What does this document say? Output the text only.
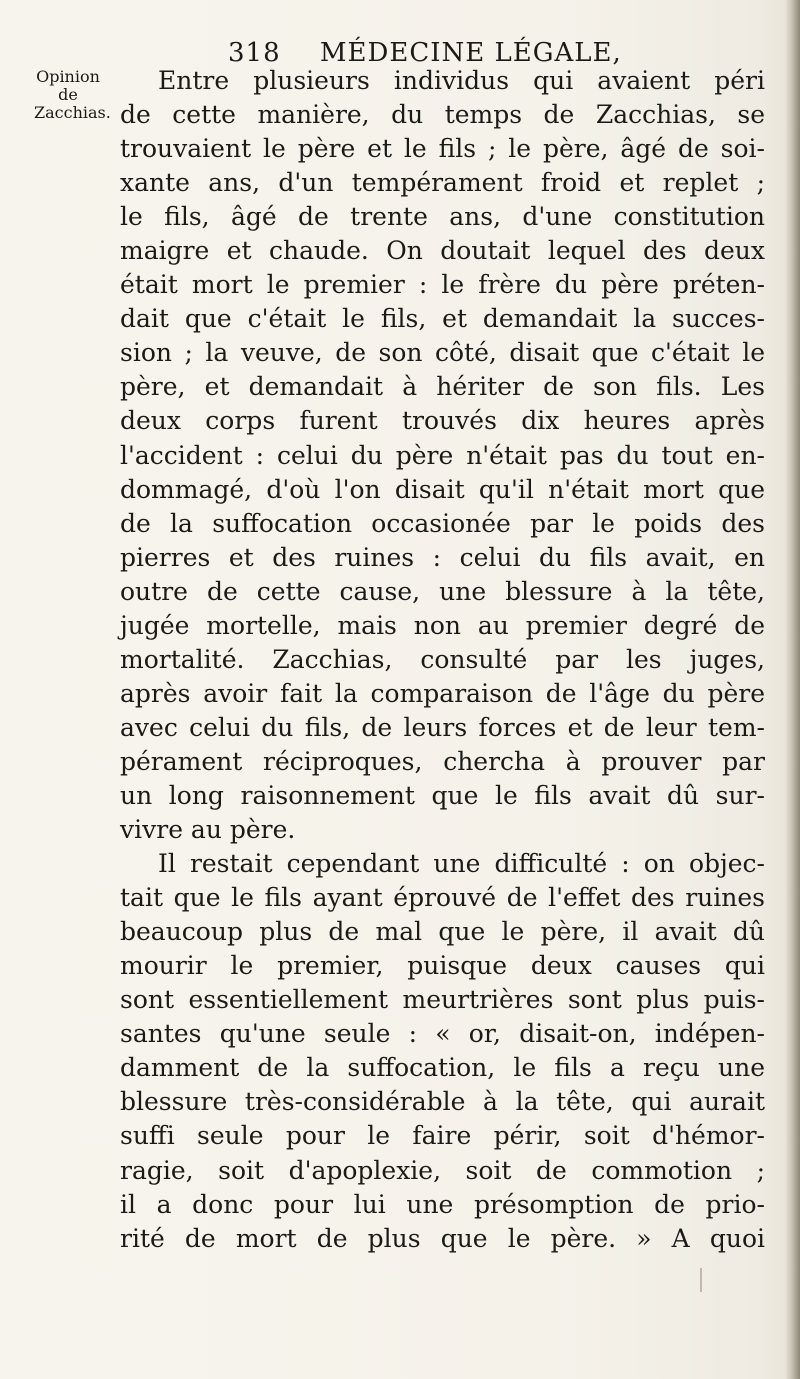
318 MÉDECINE LÉGALE,
Opinion de
Zacchias.
Entre plusieurs individus qui avaient péri
de cette manière, du temps de Zacchias, se
trouvaient le père et le fils ; le père, âgé de soi-
xante ans, d'un tempérament froid et replet ;
le fils, âgé de trente ans, d'une constitution
maigre et chaude. On doutait lequel des deux
était mort le premier : le frère du père préten-
dait que c'était le fils, et demandait la succes-
sion ; la veuve, de son côté, disait que c'était le
père, et demandait à hériter de son fils. Les
deux corps furent trouvés dix heures après
l'accident : celui du père n'était pas du tout en-
dommagé, d'où l'on disait qu'il n'était mort que
de la suffocation occasionée par le poids des
pierres et des ruines : celui du fils avait, en
outre de cette cause, une blessure à la tête,
jugée mortelle, mais non au premier degré de
mortalité. Zacchias, consulté par les juges,
après avoir fait la comparaison de l'âge du père
avec celui du fils, de leurs forces et de leur tem-
pérament réciproques, chercha à prouver par
un long raisonnement que le fils avait dû sur-
vivre au père.
Il restait cependant une difficulté : on objec-
tait que le fils ayant éprouvé de l'effet des ruines
beaucoup plus de mal que le père, il avait dû
mourir le premier, puisque deux causes qui
sont essentiellement meurtrières sont plus puis-
santes qu'une seule : « or, disait-on, indépen-
damment de la suffocation, le fils a reçu une
blessure très-considérable à la tête, qui aurait
suffi seule pour le faire périr, soit d'hémor-
ragie, soit d'apoplexie, soit de commotion ;
il a donc pour lui une présomption de prio-
rité de mort de plus que le père. » A quoi
